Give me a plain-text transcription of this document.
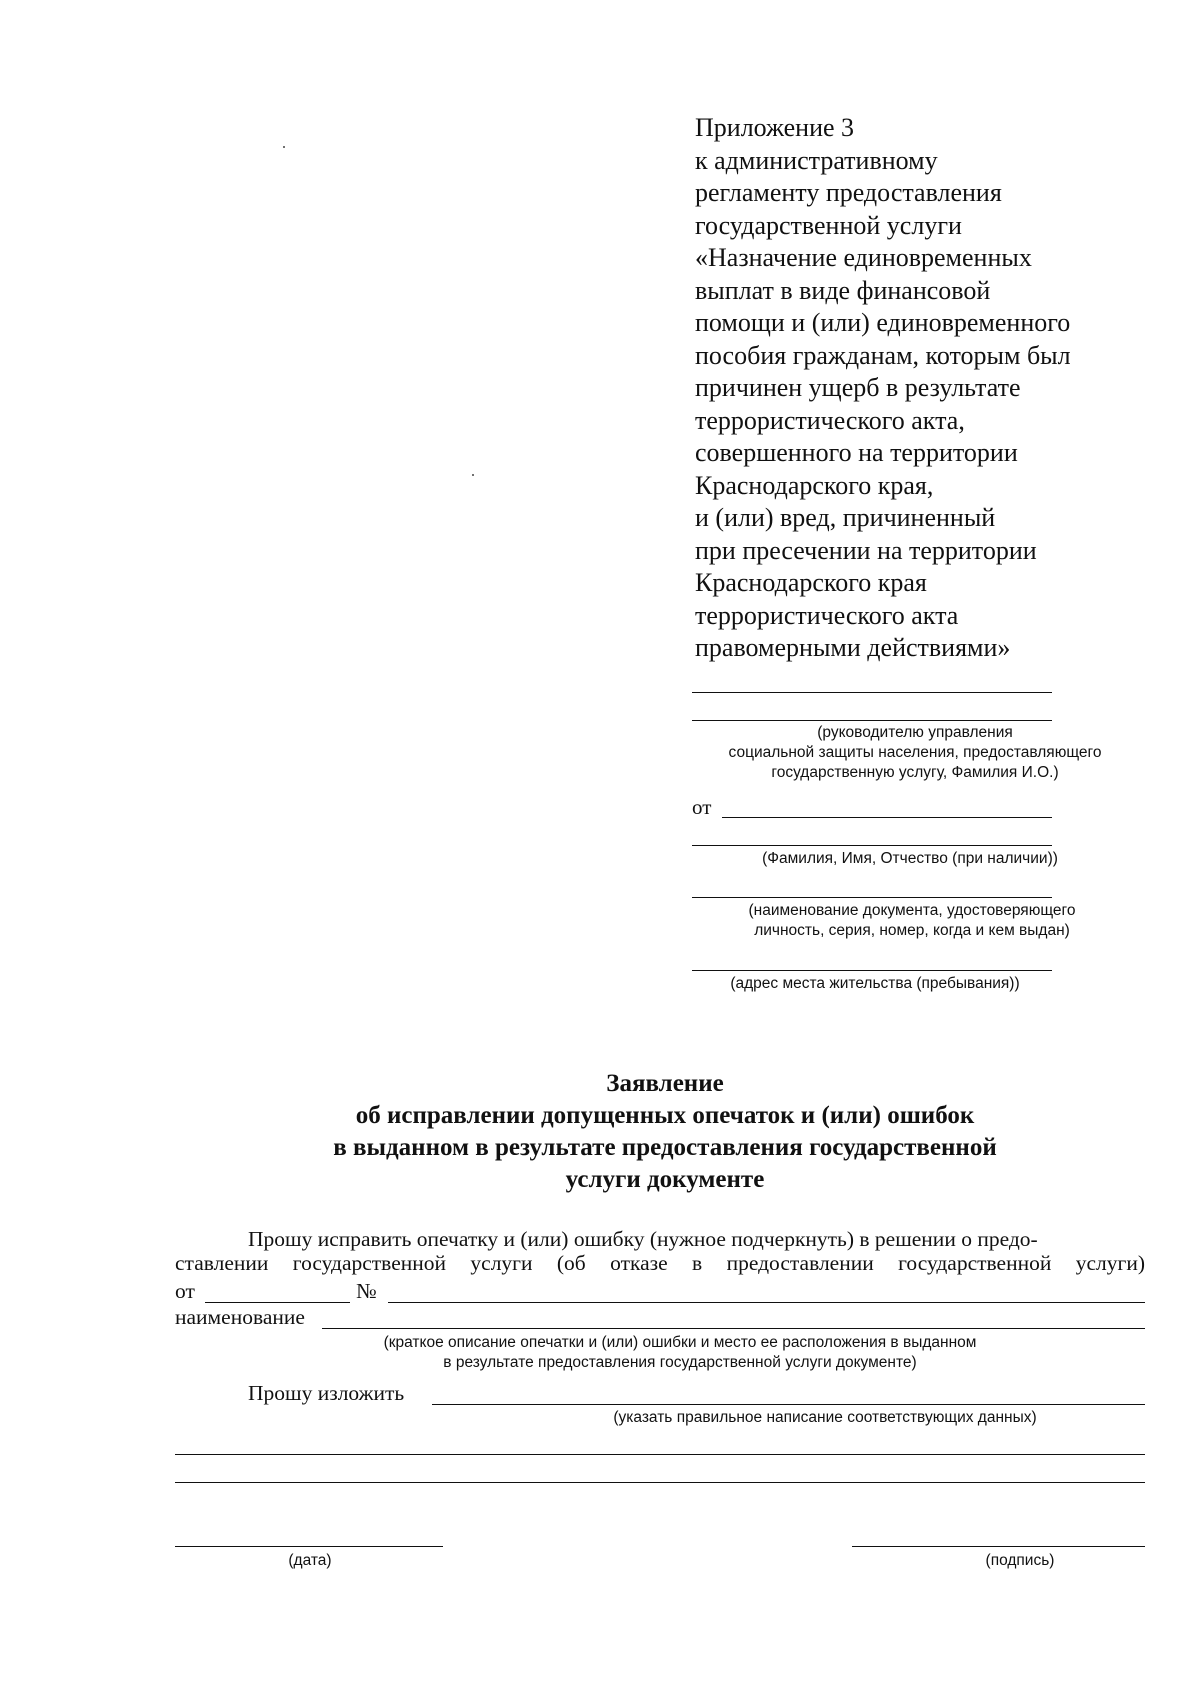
Приложение 3
к административному
регламенту предоставления
государственной услуги
«Назначение единовременных
выплат в виде финансовой
помощи и (или) единовременного
пособия гражданам, которым был
причинен ущерб в результате
террористического акта,
совершенного на территории
Краснодарского края,
и (или) вред, причиненный
при пресечении на территории
Краснодарского края
террористического акта
правомерными действиями»
(руководителю управления
социальной защиты населения, предоставляющего
государственную услугу, Фамилия И.О.)
от
(Фамилия, Имя, Отчество (при наличии))
(наименование документа, удостоверяющего
личность, серия, номер, когда и кем выдан)
(адрес места жительства (пребывания))
Заявление
об исправлении допущенных опечаток и (или) ошибок
в выданном в результате предоставления государственной
услуги документе
Прошу исправить опечатку и (или) ошибку (нужное подчеркнуть) в решении о предо-
ставлении государственной услуги (об отказе в предоставлении государственной услуги)
от	№
наименование
(краткое описание опечатки и (или) ошибки и место ее расположения в выданном
в результате предоставления государственной услуги документе)
Прошу изложить
(указать правильное написание соответствующих данных)
(дата)	(подпись)
